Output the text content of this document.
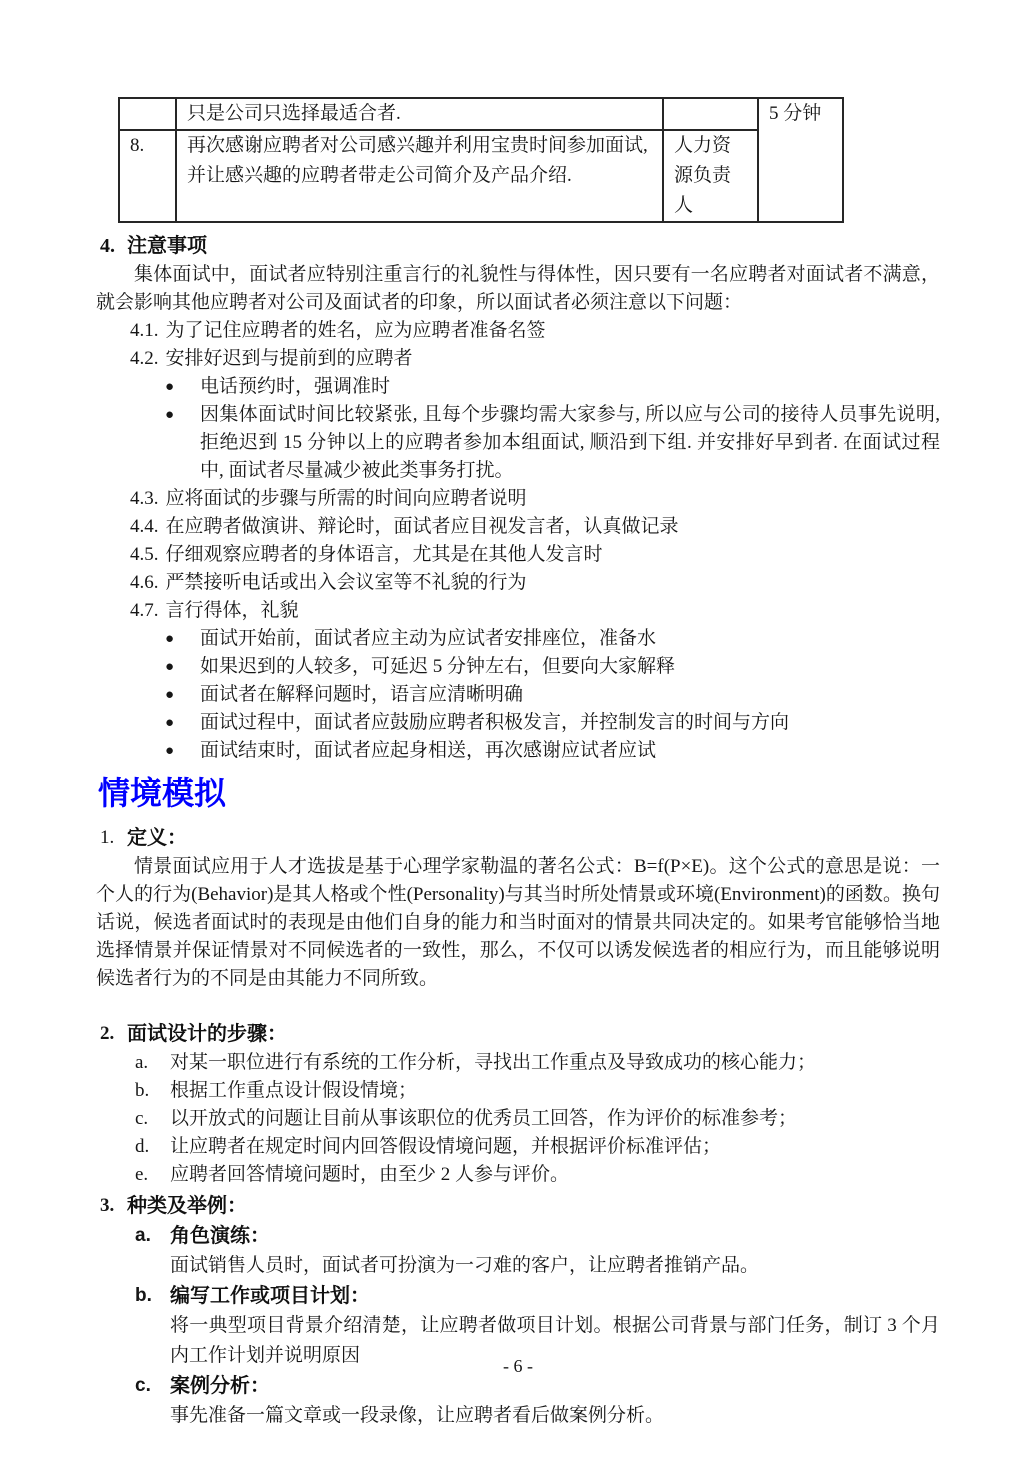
	只是公司只选择最适合者.		5 分钟
8.	再次感谢应聘者对公司感兴趣并利用宝贵时间参加面试, 并让感兴趣的应聘者带走公司简介及产品介绍.	人力资源负责人	
4. 注意事项
集体面试中，面试者应特别注重言行的礼貌性与得体性，因只要有一名应聘者对面试者不满意，就会影响其他应聘者对公司及面试者的印象，所以面试者必须注意以下问题：
4.1. 为了记住应聘者的姓名，应为应聘者准备名签
4.2. 安排好迟到与提前到的应聘者
●	电话预约时，强调准时
●	因集体面试时间比较紧张, 且每个步骤均需大家参与, 所以应与公司的接待人员事先说明, 拒绝迟到 15 分钟以上的应聘者参加本组面试, 顺沿到下组. 并安排好早到者. 在面试过程中, 面试者尽量减少被此类事务打扰。
4.3. 应将面试的步骤与所需的时间向应聘者说明
4.4. 在应聘者做演讲、辩论时，面试者应目视发言者，认真做记录
4.5. 仔细观察应聘者的身体语言，尤其是在其他人发言时
4.6. 严禁接听电话或出入会议室等不礼貌的行为
4.7. 言行得体，礼貌
●	面试开始前，面试者应主动为应试者安排座位，准备水
●	如果迟到的人较多，可延迟 5 分钟左右，但要向大家解释
●	面试者在解释问题时，语言应清晰明确
●	面试过程中，面试者应鼓励应聘者积极发言，并控制发言的时间与方向
●	面试结束时，面试者应起身相送，再次感谢应试者应试
情境模拟
1. 定义：
情景面试应用于人才选拔是基于心理学家勒温的著名公式：B=f(P×E)。这个公式的意思是说：一个人的行为(Behavior)是其人格或个性(Personality)与其当时所处情景或环境(Environment)的函数。换句话说，候选者面试时的表现是由他们自身的能力和当时面对的情景共同决定的。如果考官能够恰当地选择情景并保证情景对不同候选者的一致性，那么，不仅可以诱发候选者的相应行为，而且能够说明候选者行为的不同是由其能力不同所致。
2. 面试设计的步骤：
a.	对某一职位进行有系统的工作分析，寻找出工作重点及导致成功的核心能力；
b.	根据工作重点设计假设情境；
c.	以开放式的问题让目前从事该职位的优秀员工回答，作为评价的标准参考；
d.	让应聘者在规定时间内回答假设情境问题，并根据评价标准评估；
e.	应聘者回答情境问题时，由至少 2 人参与评价。
3. 种类及举例：
a. 角色演练：
面试销售人员时，面试者可扮演为一刁难的客户，让应聘者推销产品。
b. 编写工作或项目计划：
将一典型项目背景介绍清楚，让应聘者做项目计划。根据公司背景与部门任务，制订 3 个月内工作计划并说明原因
c. 案例分析：
事先准备一篇文章或一段录像，让应聘者看后做案例分析。
- 6 -
